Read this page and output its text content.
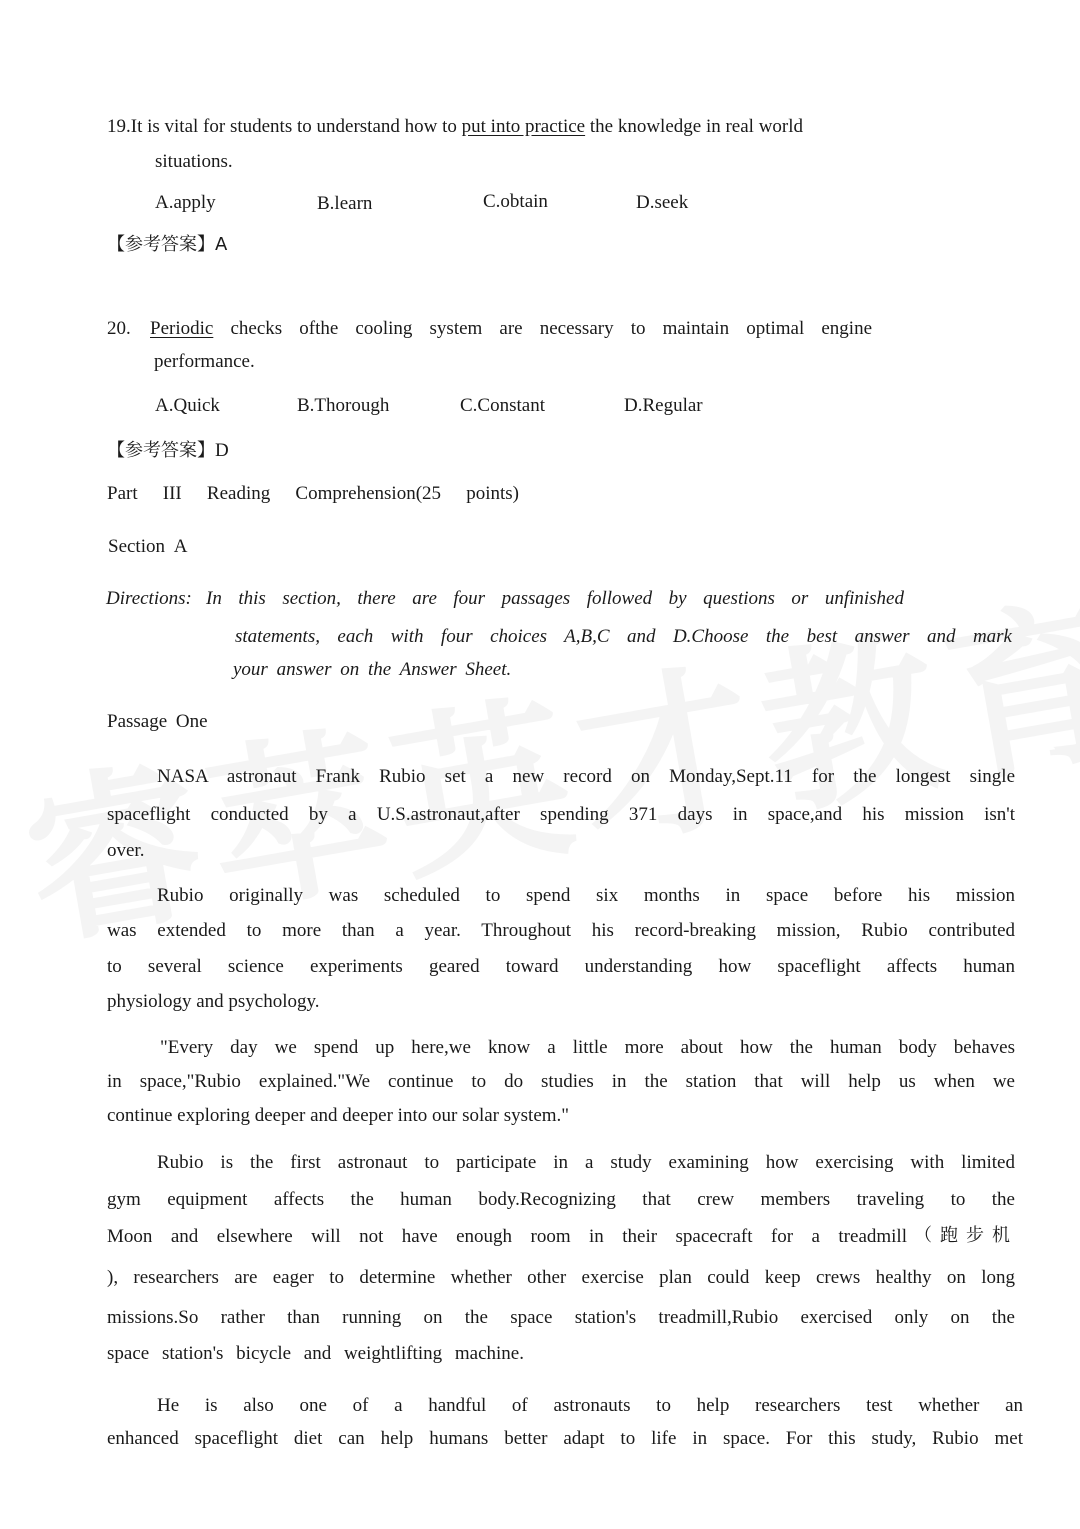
19.It is vital for students to understand how to put into practice the knowledge in real world
situations.
A.apply	B.learn	C.obtain	D.seek
【参考答案】A
20. Periodic checks ofthe cooling system are necessary to maintain optimal engine
performance.
A.Quick	B.Thorough	C.Constant	D.Regular
【参考答案】D
Part III Reading Comprehension(25 points)
Section A
Directions: In this section, there are four passages followed by questions or unfinished
statements, each with four choices A,B,C and D.Choose the best answer and mark
your answer on the Answer Sheet.
Passage One
NASA astronaut Frank Rubio set a new record on Monday,Sept.11 for the longest single
spaceflight conducted by a U.S.astronaut,after spending 371 days in space,and his mission isn't
over.
Rubio originally was scheduled to spend six months in space before his mission
was extended to more than a year. Throughout his record-breaking mission, Rubio contributed
to several science experiments geared toward understanding how spaceflight affects human
physiology and psychology.
"Every day we spend up here,we know a little more about how the human body behaves
in space,"Rubio explained."We continue to do studies in the station that will help us when we
continue exploring deeper and deeper into our solar system."
Rubio is the first astronaut to participate in a study examining how exercising with limited
gym equipment affects the human body.Recognizing that crew members traveling to the
Moon and elsewhere will not have enough room in their spacecraft for a treadmill （跑步机
), researchers are eager to determine whether other exercise plan could keep crews healthy on long
missions.So rather than running on the space station's treadmill,Rubio exercised only on the
space station's bicycle and weightlifting machine.
He is also one of a handful of astronauts to help researchers test whether an
enhanced spaceflight diet can help humans better adapt to life in space. For this study, Rubio met
